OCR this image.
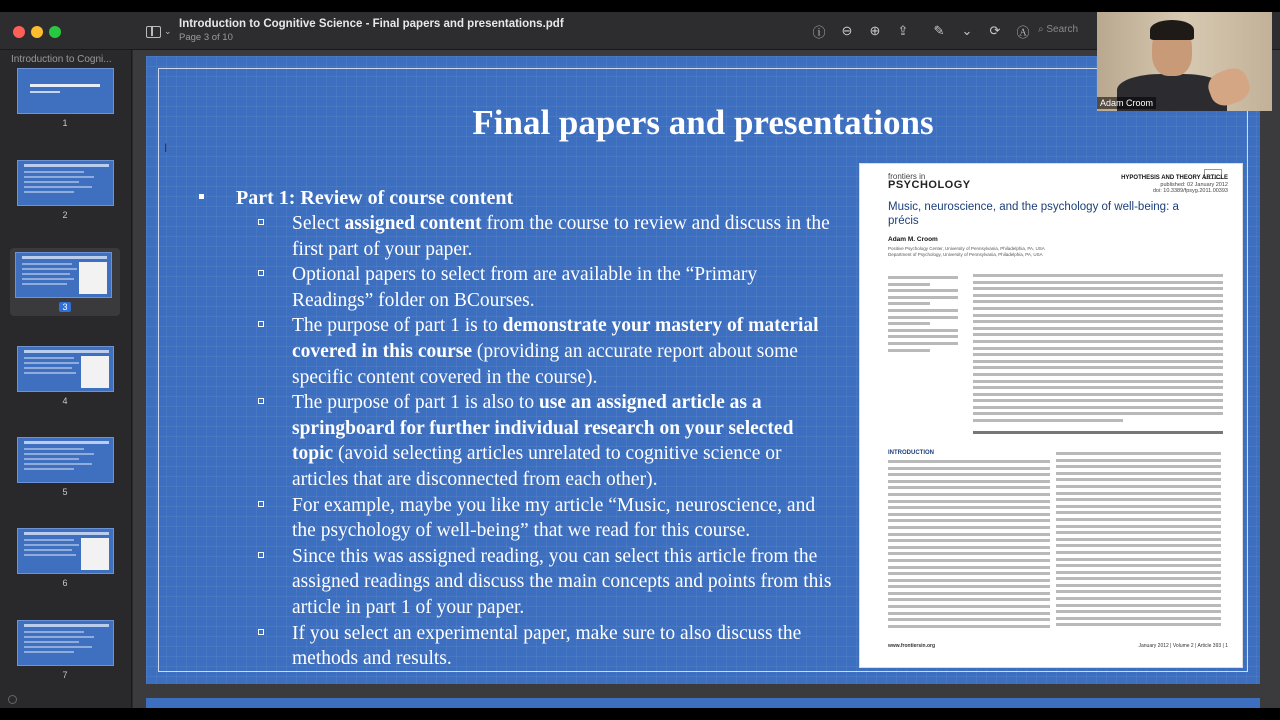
⌄
Introduction to Cognitive Science - Final papers and presentations.pdf
Page 3 of 10	ⓘ ⊖ ⊕ ⇪ ✎ ⌄ ⟳ Ⓐ ⌕ Search
Introduction to Cogni...
1
2
3
4
5
6
7
Final papers and presentations
Part 1: Review of course content
Select assigned content from the course to review and discuss in the first part of your paper.
Optional papers to select from are available in the “Primary Readings” folder on BCourses.
The purpose of part 1 is to demonstrate your mastery of material covered in this course (providing an accurate report about some specific content covered in the course).
The purpose of part 1 is also to use an assigned article as a springboard for further individual research on your selected topic (avoid selecting articles unrelated to cognitive science or articles that are disconnected from each other).
For example, maybe you like my article “Music, neuroscience, and the psychology of well-being” that we read for this course.
Since this was assigned reading, you can select this article from the assigned readings and discuss the main concepts and points from this article in part 1 of your paper.
If you select an experimental paper, make sure to also discuss the methods and results.
frontiers in
PSYCHOLOGY
HYPOTHESIS AND THEORY ARTICLE
published: 02 January 2012
doi: 10.3389/fpsyg.2011.00393
Music, neuroscience, and the psychology of well-being: a précis
Adam M. Croom
Positive Psychology Center, University of Pennsylvania, Philadelphia, PA, USA
Department of Psychology, University of Pennsylvania, Philadelphia, PA, USA
INTRODUCTION
www.frontiersin.org	January 2012 | Volume 2 | Article 393 | 1
I
Adam Croom
